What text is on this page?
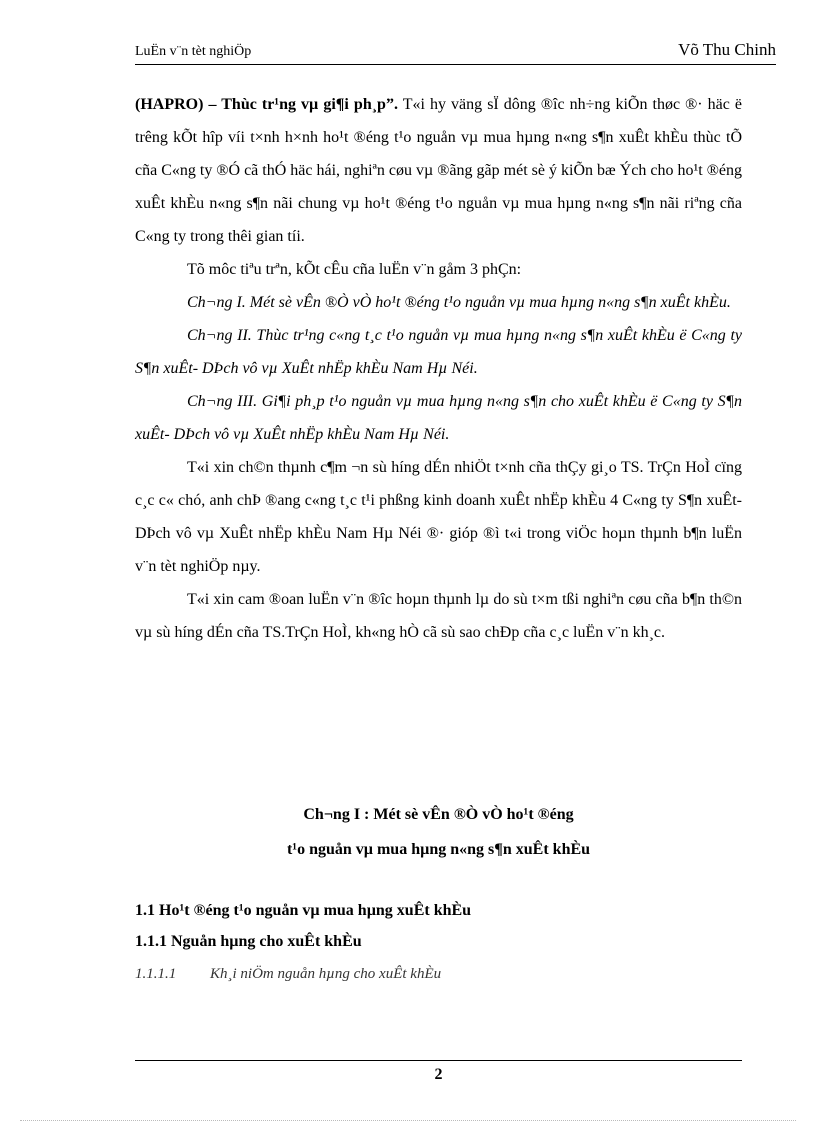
LuËn v¨n tèt nghiÖp	Võ Thu Chinh

(HAPRO) – Thùc tr¹ng vµ gi¶i ph¸p”. T«i hy väng sÏ dông ®îc nh÷ng kiÕn thøc ®· häc ë trêng kÕt hîp víi t×nh h×nh ho¹t ®éng t¹o nguån vµ mua hµng n«ng s¶n xuÊt khÈu thùc tÕ cña C«ng ty ®Ó cã thÓ häc hái, nghiªn cøu vµ ®ãng gãp mét sè ý kiÕn bæ Ých cho ho¹t ®éng xuÊt khÈu n«ng s¶n nãi chung vµ ho¹t ®éng t¹o nguån vµ mua hµng n«ng s¶n nãi riªng cña C«ng ty trong thêi gian tíi.

Tõ môc tiªu trªn, kÕt cÊu cña luËn v¨n gåm 3 phÇn:

Ch¬ng I. Mét sè vÊn ®Ò vÒ ho¹t ®éng t¹o nguån vµ mua hµng n«ng s¶n xuÊt khÈu.

Ch¬ng II. Thùc tr¹ng c«ng t¸c t¹o nguån vµ mua hµng n«ng s¶n xuÊt khÈu ë C«ng ty S¶n xuÊt- DÞch vô vµ XuÊt nhËp khÈu Nam Hµ Néi.

Ch¬ng III. Gi¶i ph¸p t¹o nguån vµ mua hµng n«ng s¶n cho xuÊt khÈu ë C«ng ty S¶n xuÊt- DÞch vô vµ XuÊt nhËp khÈu Nam Hµ Néi.

T«i xin ch©n thµnh c¶m ¬n sù híng dÉn nhiÖt t×nh cña thÇy gi¸o TS. TrÇn HoÌ cïng c¸c c« chó, anh chÞ ®ang c«ng t¸c t¹i phßng kinh doanh xuÊt nhËp khÈu 4 C«ng ty S¶n xuÊt-DÞch vô vµ XuÊt nhËp khÈu Nam Hµ Néi ®· gióp ®ì t«i trong viÖc hoµn thµnh b¶n luËn v¨n tèt nghiÖp nµy.

T«i xin cam ®oan luËn v¨n ®îc hoµn thµnh lµ do sù t×m tßi nghiªn cøu cña b¶n th©n vµ sù híng dÉn cña TS.TrÇn HoÌ, kh«ng hÒ cã sù sao chÐp cña c¸c luËn v¨n kh¸c.

Ch¬ng I : Mét sè vÊn ®Ò vÒ ho¹t ®éng
t¹o nguån vµ mua hµng n«ng s¶n xuÊt khÈu
1.1 Ho¹t ®éng t¹o nguån vµ mua hµng xuÊt khÈu
1.1.1 Nguån hµng cho xuÊt khÈu
1.1.1.1 Kh¸i niÖm nguån hµng cho xuÊt khÈu
2
